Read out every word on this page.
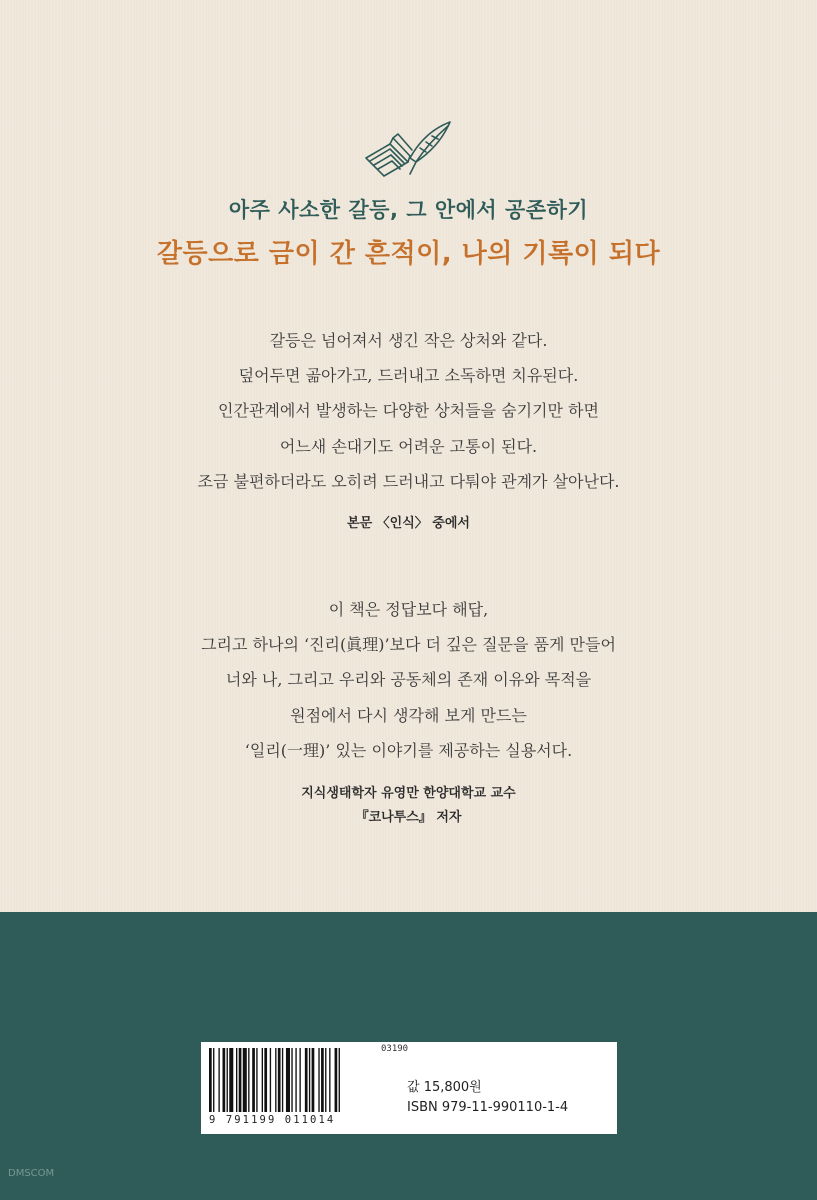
아주 사소한 갈등, 그 안에서 공존하기
갈등으로 금이 간 흔적이, 나의 기록이 되다
갈등은 넘어져서 생긴 작은 상처와 같다.
덮어두면 곪아가고, 드러내고 소독하면 치유된다.
인간관계에서 발생하는 다양한 상처들을 숨기기만 하면
어느새 손대기도 어려운 고통이 된다.
조금 불편하더라도 오히려 드러내고 다퉈야 관계가 살아난다.
본문 〈인식〉 중에서
이 책은 정답보다 해답,
그리고 하나의 ‘진리(眞理)’보다 더 깊은 질문을 품게 만들어
너와 나, 그리고 우리와 공동체의 존재 이유와 목적을
원점에서 다시 생각해 보게 만드는
‘일리(一理)’ 있는 이야기를 제공하는 실용서다.
지식생태학자 유영만 한양대학교 교수
『코나투스』 저자
03190
9 791199 011014
값 15,800원
ISBN 979-11-990110-1-4
DMSCOM
